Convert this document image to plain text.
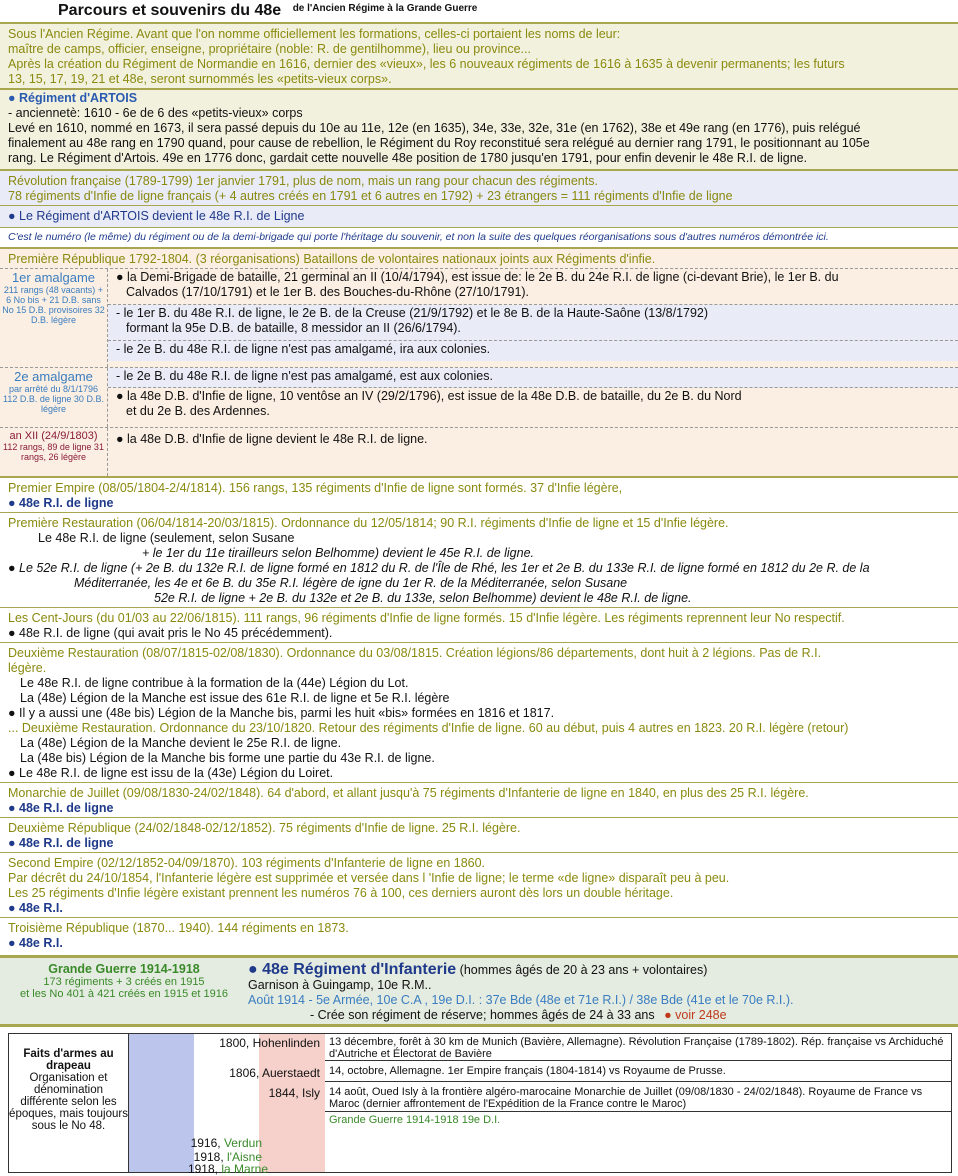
Parcours et souvenirs du 48e $^{de l'Ancien Régime à la Grande Guerre}$
Sous l'Ancien Régime. Avant que l'on nomme officiellement les formations, celles-ci portaient les noms de leur:
maître de camps, officier, enseigne, propriétaire (noble: R. de gentilhomme), lieu ou province...
Après la création du Régiment de Normandie en 1616, dernier des «vieux», les 6 nouveaux régiments de 1616 à 1635 à devenir permanents; les futurs
13, 15, 17, 19, 21 et 48e, seront surnommés les «petits-vieux corps».
● Régiment d'ARTOIS
- anciennetè: 1610 - 6e de 6 des «petits-vieux» corps
Levé en 1610, nommé en 1673, il sera passé depuis du 10e au 11e, 12e (en 1635), 34e, 33e, 32e, 31e (en 1762), 38e et 49e rang (en 1776), puis relégué
finalement au 48e rang en 1790 quand, pour cause de rebellion, le Régiment du Roy reconstitué sera relégué au dernier rang 1791, le positionnant au 105e
rang. Le Régiment d'Artois. 49e en 1776 donc, gardait cette nouvelle 48e position de 1780 jusqu'en 1791, pour enfin devenir le 48e R.I. de ligne.
Révolution française (1789-1799) 1er janvier 1791, plus de nom, mais un rang pour chacun des régiments.
78 régiments d'Infie de ligne français (+ 4 autres créés en 1791 et 6 autres en 1792) + 23 étrangers = 111 régiments d'Infie de ligne
● Le Régiment d'ARTOIS devient le 48e R.I. de Ligne
C'est le numéro (le même) du régiment ou de la demi-brigade qui porte l'héritage du souvenir, et non la suite des quelques réorganisations sous d'autres numéros démontrée ici.
Première République 1792-1804. (3 réorganisations) Bataillons de volontaires nationaux joints aux Régiments d'infie.
1er amalgame
211 rangs (48 vacants) + 6 No bis + 21 D.B. sans No 15 D.B. provisoires 32 D.B. légère
● la Demi-Brigade de bataille, 21 germinal an II (10/4/1794), est issue de: le 2e B. du 24e R.I. de ligne (ci-devant Brie), le 1er B. du
Calvados (17/10/1791) et le 1er B. des Bouches-du-Rhône (27/10/1791).
- le 1er B. du 48e R.I. de ligne, le 2e B. de la Creuse (21/9/1792) et le 8e B. de la Haute-Saône (13/8/1792)
formant la 95e D.B. de bataille, 8 messidor an II (26/6/1794).
- le 2e B. du 48e R.I. de ligne n'est pas amalgamé, ira aux colonies.
2e amalgame
par arrêté du 8/1/1796 112 D.B. de ligne 30 D.B. légère
- le 2e B. du 48e R.I. de ligne n'est pas amalgamé, est aux colonies.
● la 48e D.B. d'Infie de ligne, 10 ventôse an IV (29/2/1796), est issue de la 48e D.B. de bataille, du 2e B. du Nord
et du 2e B. des Ardennes.
an XII (24/9/1803)
112 rangs, 89 de ligne 31 rangs, 26 légère
● la 48e D.B. d'Infie de ligne devient le 48e R.I. de ligne.
Premier Empire (08/05/1804-2/4/1814). 156 rangs, 135 régiments d'Infie de ligne sont formés. 37 d'Infie légère,
● 48e R.I. de ligne
Première Restauration (06/04/1814-20/03/1815). Ordonnance du 12/05/1814; 90 R.I. régiments d'Infie de ligne et 15 d'Infie légère.
Le 48e R.I. de ligne (seulement, selon Susane
+ le 1er du 11e tirailleurs selon Belhomme) devient le 45e R.I. de ligne.
● Le 52e R.I. de ligne (+ 2e B. du 132e R.I. de ligne formé en 1812 du R. de l'Île de Rhé, les 1er et 2e B. du 133e R.I. de ligne formé en 1812 du 2e R. de la
Méditerranée, les 4e et 6e B. du 35e R.I. légère de igne du 1er R. de la Méditerranée, selon Susane
52e R.I. de ligne + 2e B. du 132e et 2e B. du 133e, selon Belhomme) devient le 48e R.I. de ligne.
Les Cent-Jours (du 01/03 au 22/06/1815). 111 rangs, 96 régiments d'Infie de ligne formés. 15 d'Infie légère. Les régiments reprennent leur No respectif.
● 48e R.I. de ligne (qui avait pris le No 45 précédemment).
Deuxième Restauration (08/07/1815-02/08/1830). Ordonnance du 03/08/1815. Création légions/86 départements, dont huit à 2 légions. Pas de R.I.
légère.
Le 48e R.I. de ligne contribue à la formation de la (44e) Légion du Lot.
La (48e) Légion de la Manche est issue des 61e R.I. de ligne et 5e R.I. légère
● Il y a aussi une (48e bis) Légion de la Manche bis, parmi les huit «bis» formées en 1816 et 1817.
... Deuxième Restauration. Ordonnance du 23/10/1820. Retour des régiments d'Infie de ligne. 60 au début, puis 4 autres en 1823. 20 R.I. légère (retour)
La (48e) Légion de la Manche devient le 25e R.I. de ligne.
La (48e bis) Légion de la Manche bis forme une partie du 43e R.I. de ligne.
● Le 48e R.I. de ligne est issu de la (43e) Légion du Loiret.
Monarchie de Juillet (09/08/1830-24/02/1848). 64 d'abord, et allant jusqu'à 75 régiments d'Infanterie de ligne en 1840, en plus des 25 R.I. légère.
● 48e R.I. de ligne
Deuxième République (24/02/1848-02/12/1852). 75 régiments d'Infie de ligne. 25 R.I. légère.
● 48e R.I. de ligne
Second Empire (02/12/1852-04/09/1870). 103 régiments d'Infanterie de ligne en 1860.
Par décrêt du 24/10/1854, l'Infanterie légère est supprimée et versée dans l 'Infie de ligne; le terme «de ligne» disparaît peu à peu.
Les 25 régiments d'Infie légère existant prennent les numéros 76 à 100, ces derniers auront dès lors un double héritage.
● 48e R.I.
Troisième République (1870... 1940). 144 régiments en 1873.
● 48e R.I.
Grande Guerre 1914-1918
173 régiments + 3 créés en 1915
et les No 401 à 421 créés en 1915 et 1916
● 48e Régiment d'Infanterie (hommes âgés de 20 à 23 ans + volontaires)
Garnison à Guingamp, 10e R.M..
Août 1914 - 5e Armée, 10e C.A , 19e D.I. : 37e Bde (48e et 71e R.I.) / 38e Bde (41e et le 70e R.I.).
- Crée son régiment de réserve; hommes âgés de 24 à 33 ans ● voir 248e
Faits d'armes au drapeau
Organisation et dénomination différente selon les époques, mais toujours sous le No 48.
1800, Hohenlinden
1806, Auerstaedt
1844, Isly
1916, Verdun
1918, l'Aisne
1918, la Marne
13 décembre, forêt à 30 km de Munich (Bavière, Allemagne). Révolution Française (1789-1802). Rép. française vs Archiduché d'Autriche et Électorat de Bavière
14, octobre, Allemagne. 1er Empire français (1804-1814) vs Royaume de Prusse.
14 août, Oued Isly à la frontière algéro-marocaine Monarchie de Juillet (09/08/1830 - 24/02/1848). Royaume de France vs Maroc (dernier affrontement de l'Expédition de la France contre le Maroc)
Grande Guerre 1914-1918 19e D.I.
